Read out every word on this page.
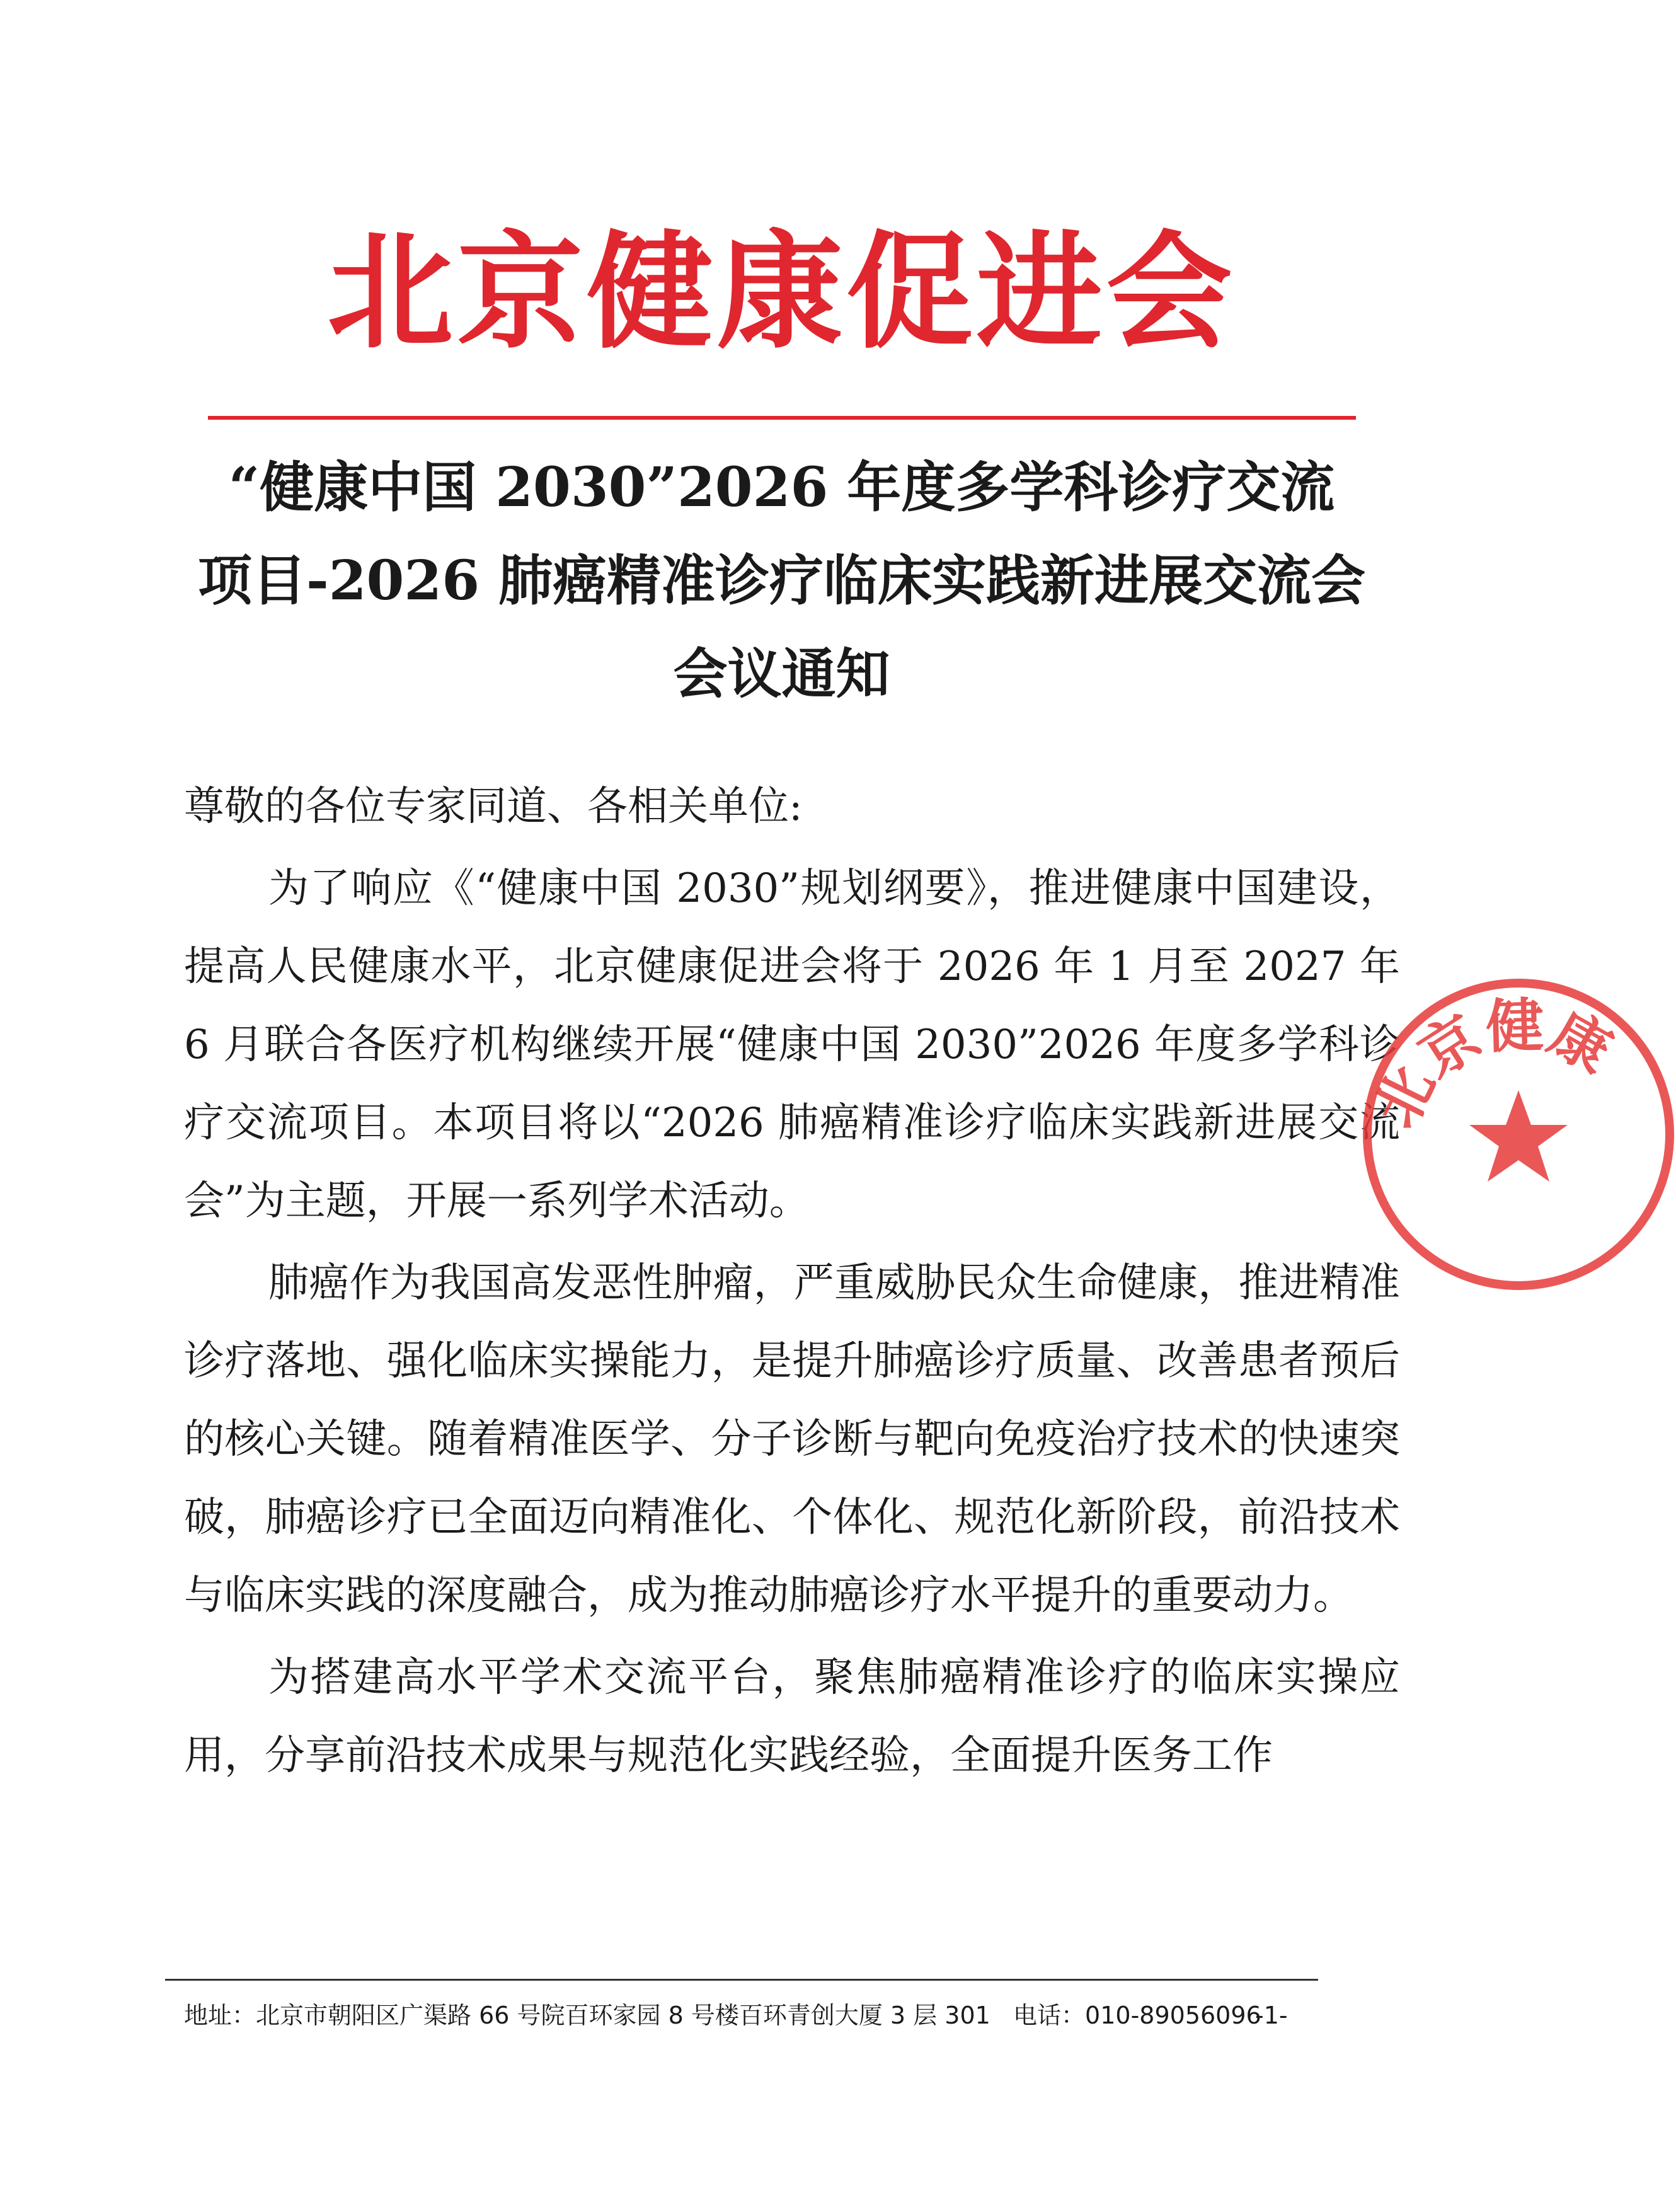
北京健康促进会
“健康中国 2030”2026 年度多学科诊疗交流
项目-2026 肺癌精准诊疗临床实践新进展交流会
会议通知

尊敬的各位专家同道、各相关单位:

为了响应《“健康中国 2030”规划纲要》，推进健康中国建设，提高人民健康水平，北京健康促进会将于 2026 年 1 月至 2027 年 6 月联合各医疗机构继续开展“健康中国 2030”2026 年度多学科诊疗交流项目。本项目将以“2026 肺癌精准诊疗临床实践新进展交流会”为主题，开展一系列学术活动。

肺癌作为我国高发恶性肿瘤，严重威胁民众生命健康，推进精准诊疗落地、强化临床实操能力，是提升肺癌诊疗质量、改善患者预后的核心关键。随着精准医学、分子诊断与靶向免疫治疗技术的快速突破，肺癌诊疗已全面迈向精准化、个体化、规范化新阶段，前沿技术与临床实践的深度融合，成为推动肺癌诊疗水平提升的重要动力。

为搭建高水平学术交流平台，聚焦肺癌精准诊疗的临床实操应用，分享前沿技术成果与规范化实践经验，全面提升医务工作

北京健康
地址：北京市朝阳区广渠路 66 号院百环家园 8 号楼百环青创大厦 3 层 301 电话：010-89056096
-1-
